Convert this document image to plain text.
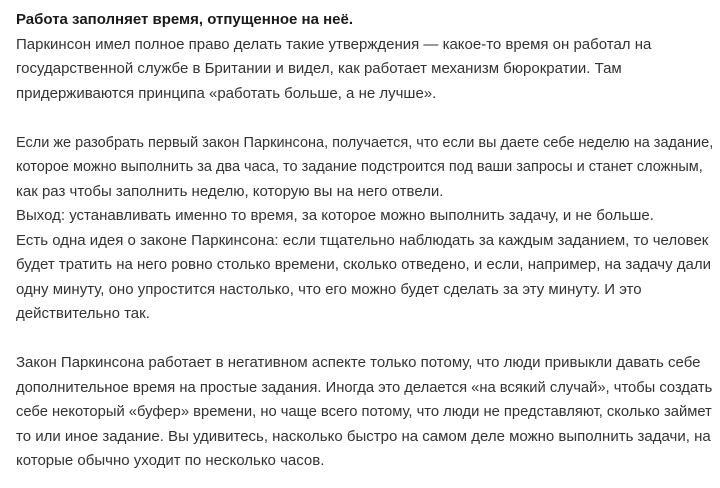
Работа заполняет время, отпущенное на неё.
Паркинсон имел полное право делать такие утверждения — какое-то время он работал на
государственной службе в Британии и видел, как работает механизм бюрократии. Там
придерживаются принципа «работать больше, а не лучше».
Если же разобрать первый закон Паркинсона, получается, что если вы даете себе неделю на задание,
которое можно выполнить за два часа, то задание подстроится под ваши запросы и станет сложным,
как раз чтобы заполнить неделю, которую вы на него отвели.
Выход: устанавливать именно то время, за которое можно выполнить задачу, и не больше.
Есть одна идея о законе Паркинсона: если тщательно наблюдать за каждым заданием, то человек
будет тратить на него ровно столько времени, сколько отведено, и если, например, на задачу дали
одну минуту, оно упростится настолько, что его можно будет сделать за эту минуту. И это
действительно так.
Закон Паркинсона работает в негативном аспекте только потому, что люди привыкли давать себе
дополнительное время на простые задания. Иногда это делается «на всякий случай», чтобы создать
себе некоторый «буфер» времени, но чаще всего потому, что люди не представляют, сколько займет
то или иное задание. Вы удивитесь, насколько быстро на самом деле можно выполнить задачи, на
которые обычно уходит по несколько часов.
